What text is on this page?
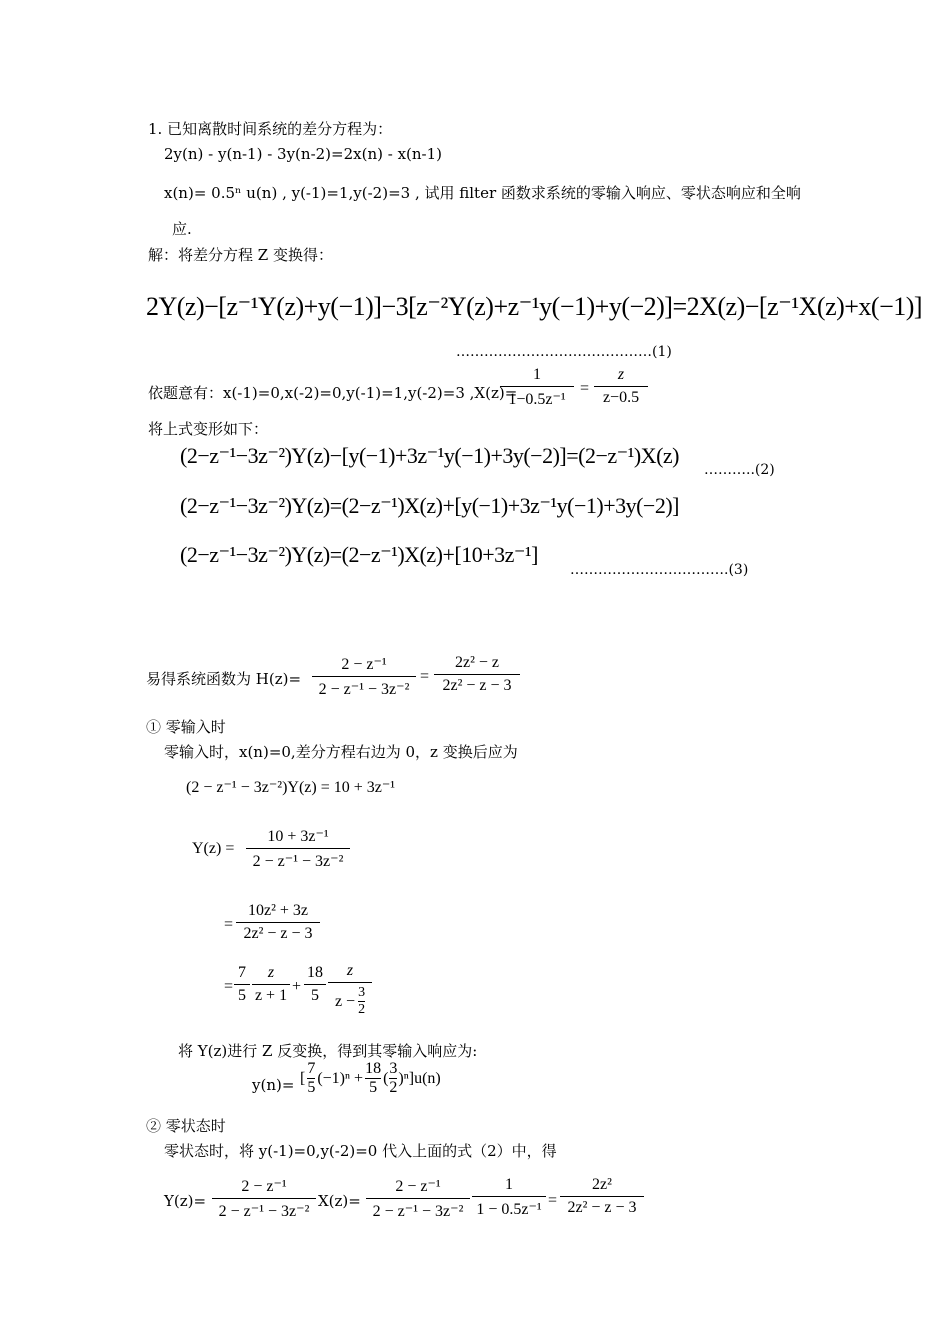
1. 已知离散时间系统的差分方程为：
2y(n) - y(n-1) - 3y(n-2)=2x(n) - x(n-1)
x(n)= 0.5ⁿ u(n) , y(-1)=1,y(-2)=3 , 试用 filter 函数求系统的零输入响应、零状态响应和全响
应.
解：将差分方程 Z 变换得：
2Y(z)−[z⁻¹Y(z)+y(−1)]−3[z⁻²Y(z)+z⁻¹y(−1)+y(−2)]=2X(z)−[z⁻¹X(z)+x(−1)]
……………………………………(1)
依题意有：x(-1)=0,x(-2)=0,y(-1)=1,y(-2)=3 ,X(z)=
1
1−0.5z⁻¹
=
z
z−0.5
将上式变形如下：
(2−z⁻¹−3z⁻²)Y(z)−[y(−1)+3z⁻¹y(−1)+3y(−2)]=(2−z⁻¹)X(z)
………..(2)
(2−z⁻¹−3z⁻²)Y(z)=(2−z⁻¹)X(z)+[y(−1)+3z⁻¹y(−1)+3y(−2)]
(2−z⁻¹−3z⁻²)Y(z)=(2−z⁻¹)X(z)+[10+3z⁻¹]
…………………………….(3)
易得系统函数为 H(z)=
2 − z⁻¹
2 − z⁻¹ − 3z⁻²
=
2z² − z
2z² − z − 3
① 零输入时
零输入时，x(n)=0,差分方程右边为 0，z 变换后应为
(2 − z⁻¹ − 3z⁻²)Y(z) = 10 + 3z⁻¹
Y(z) =
10 + 3z⁻¹
2 − z⁻¹ − 3z⁻²
=
10z² + 3z
2z² − z − 3
=
7
5
z
z + 1
+
18
5
z
z − 3
2
将 Y(z)进行 Z 反变换，得到其零输入响应为:
y(n)= [
7
5
(−1)ⁿ +
18
5
(
3
2
)ⁿ]u(n)
② 零状态时
零状态时，将 y(-1)=0,y(-2)=0 代入上面的式（2）中，得
Y(z)=
2 − z⁻¹
2 − z⁻¹ − 3z⁻²
X(z)=
2 − z⁻¹
2 − z⁻¹ − 3z⁻²
1
1 − 0.5z⁻¹
=
2z²
2z² − z − 3
